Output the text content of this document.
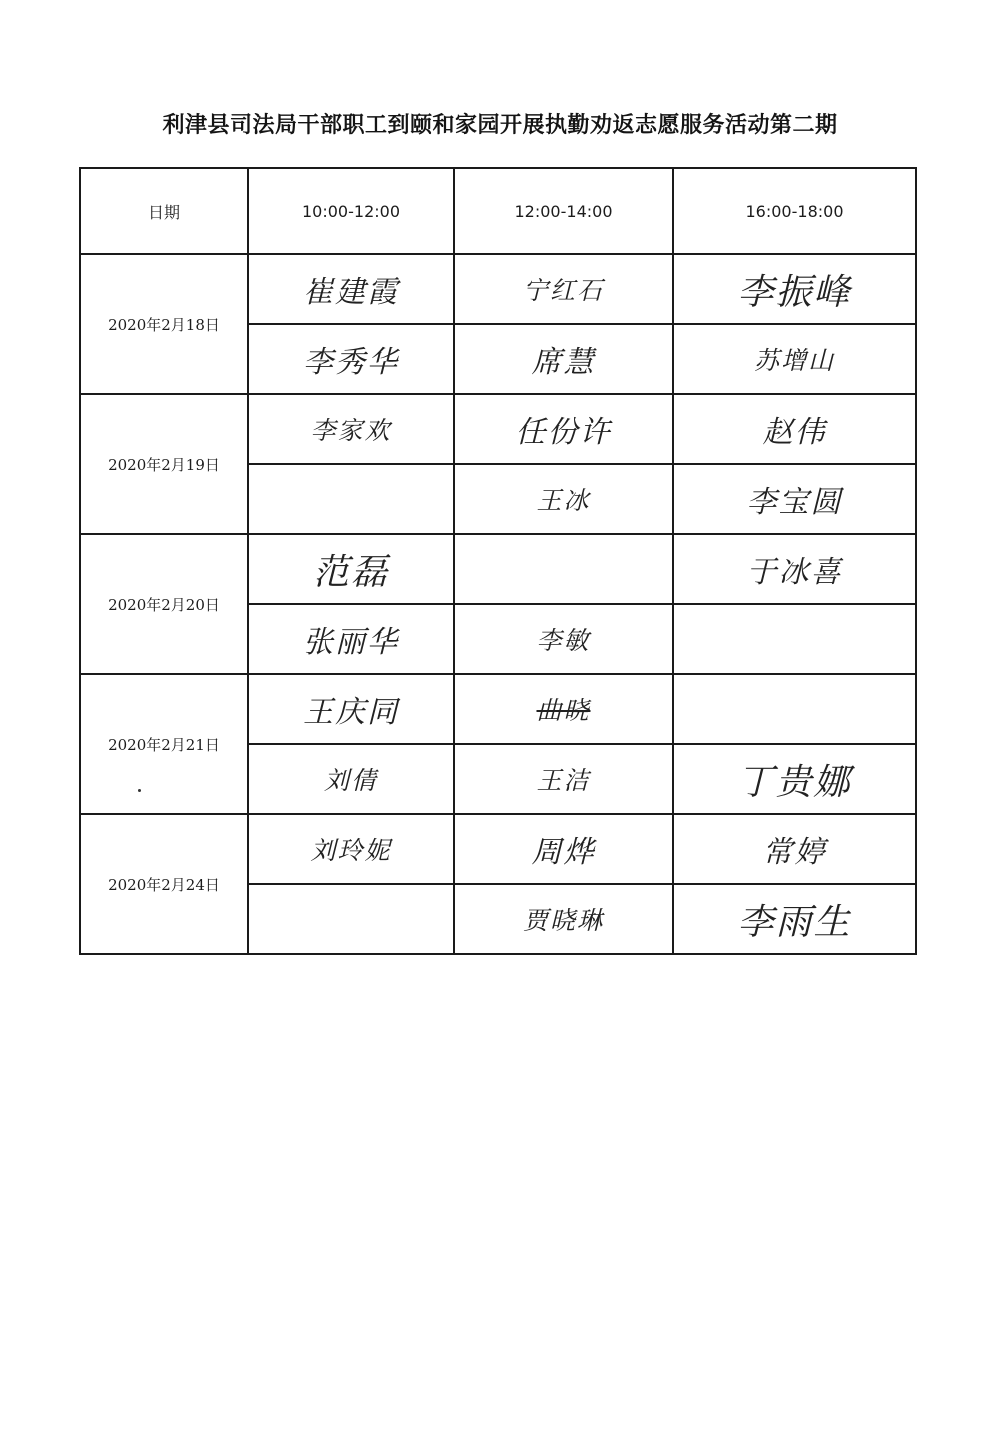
利津县司法局干部职工到颐和家园开展执勤劝返志愿服务活动第二期
日期	10:00-12:00	12:00-14:00	16:00-18:00
2020年2月18日	崔建霞	宁红石	李振峰
	李秀华	席慧	苏增山
2020年2月19日	李家欢	任份许	赵伟
		王冰	李宝圆
2020年2月20日	范磊		于冰喜
	张丽华	李敏	
2020年2月21日	王庆同	曲晓	
	刘倩	王洁	丁贵娜
2020年2月24日	刘玲妮	周烨	常婷
		贾晓琳	李雨生
